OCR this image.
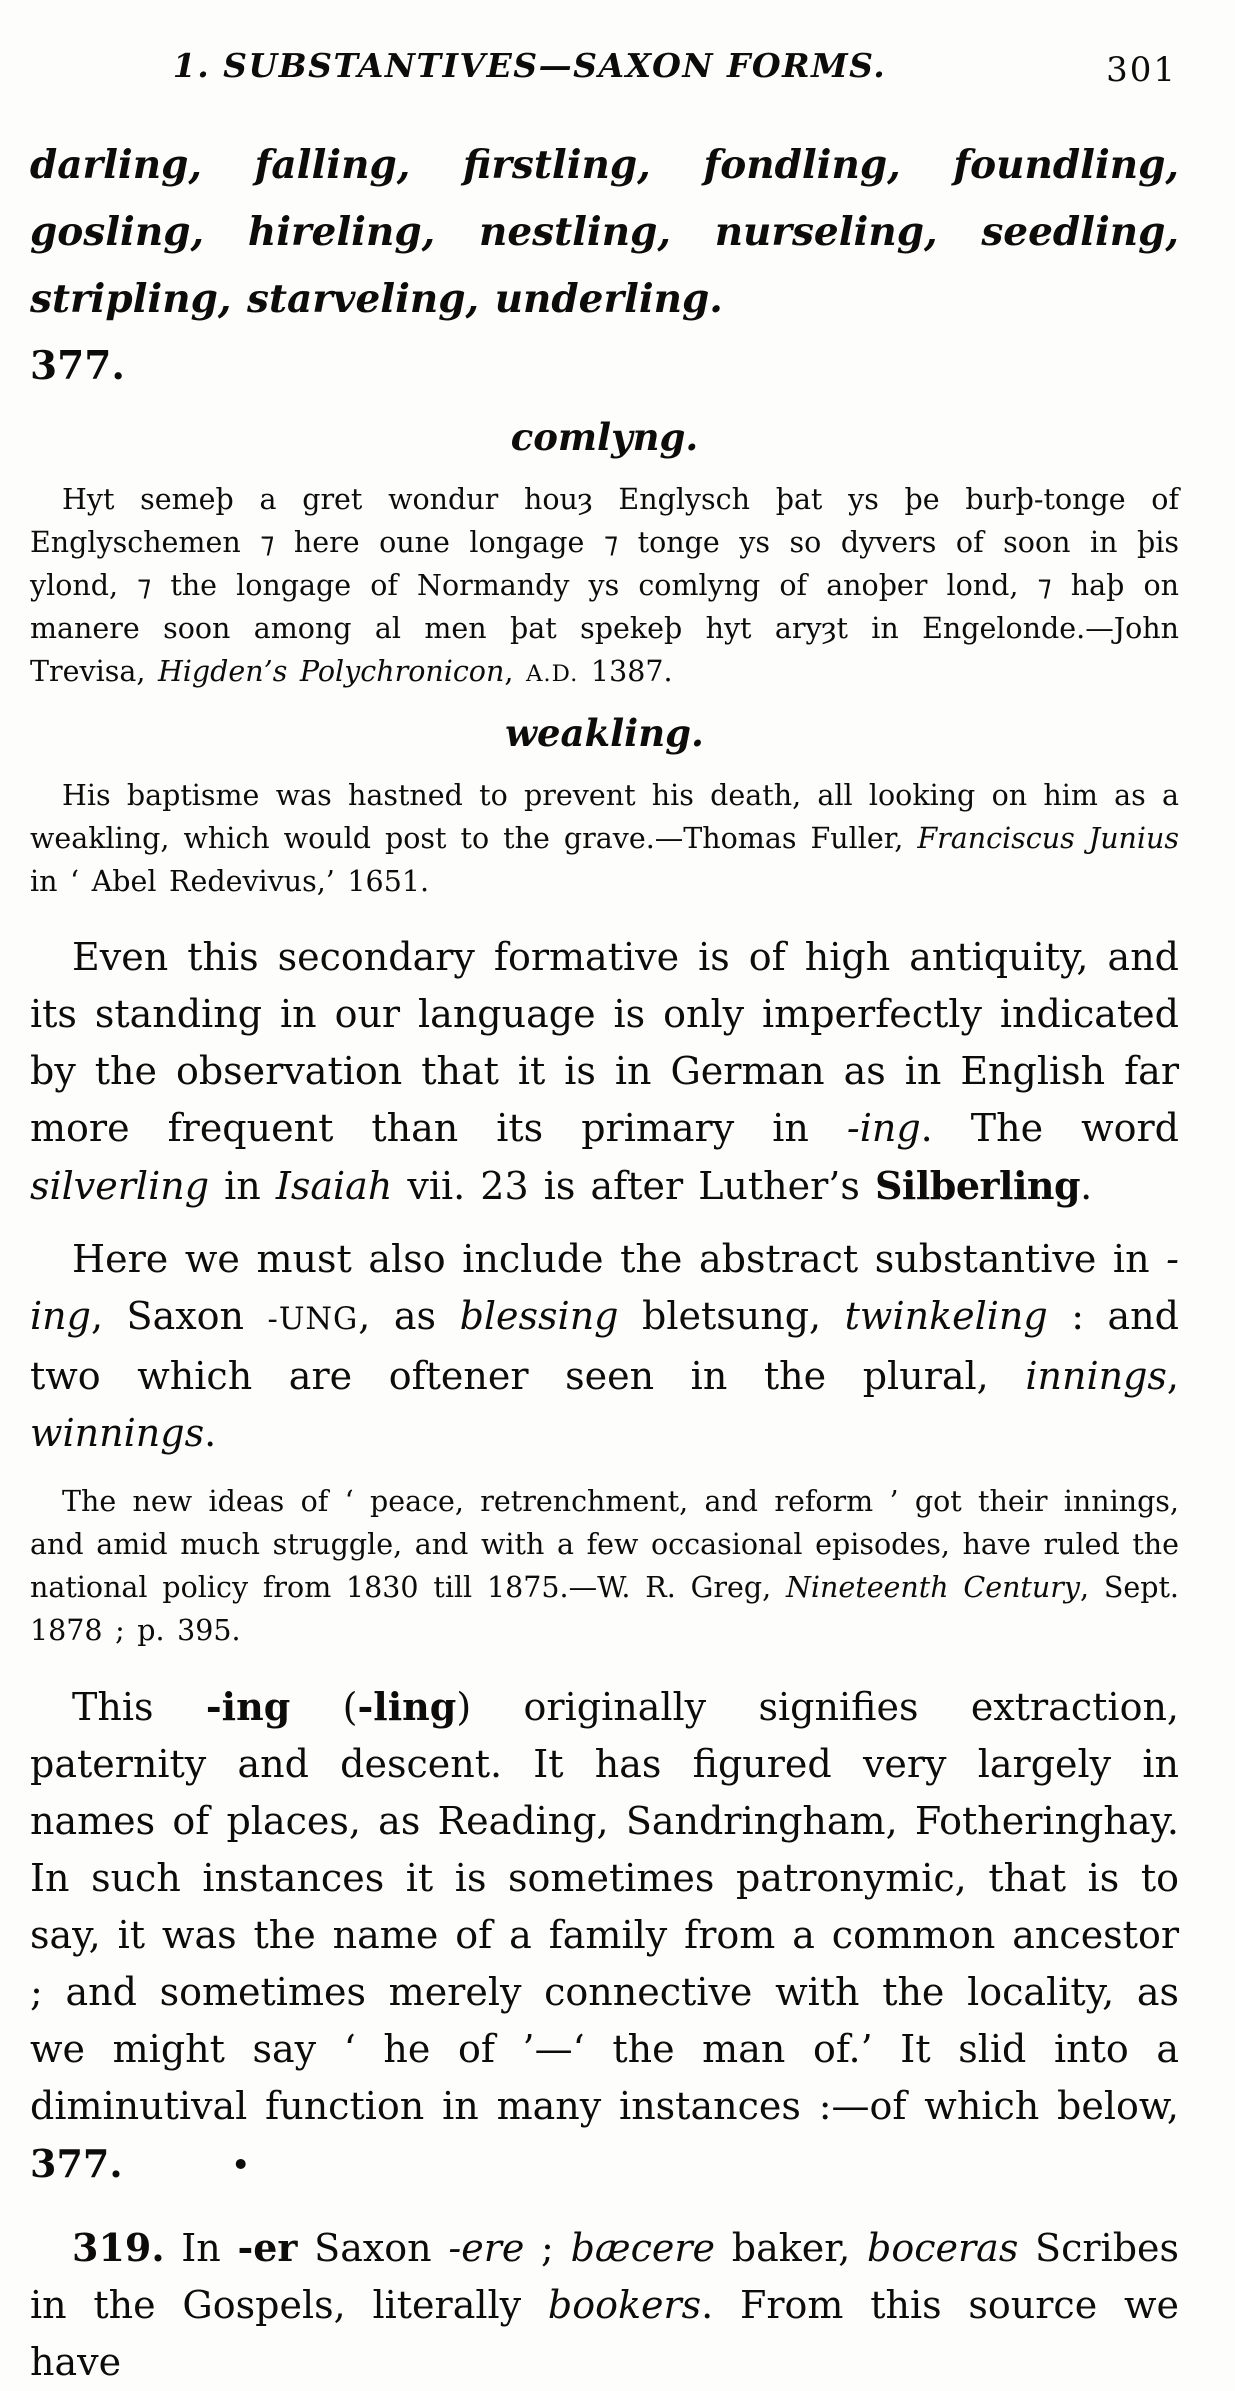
1. SUBSTANTIVES—SAXON FORMS.	301
darling, falling, firstling, fondling, foundling, gosling, hireling, nestling, nurseling, seedling, stripling, starveling, underling.
377.
comlyng.
Hyt semeþ a gret wondur houȝ Englysch þat ys þe burþ-tonge of Englyschemen ⁊ here oune longage ⁊ tonge ys so dyvers of soon in þis ylond, ⁊ the longage of Normandy ys comlyng of anoþer lond, ⁊ haþ on manere soon among al men þat spekeþ hyt aryȝt in Engelonde.—John Trevisa, Higden’s Polychronicon, A.D. 1387.
weakling.
His baptisme was hastned to prevent his death, all looking on him as a weakling, which would post to the grave.—Thomas Fuller, Franciscus Junius in ‘ Abel Redevivus,’ 1651.
Even this secondary formative is of high antiquity, and its standing in our language is only imperfectly indicated by the observation that it is in German as in English far more frequent than its primary in -ing. The word silverling in Isaiah vii. 23 is after Luther’s Silberling.
Here we must also include the abstract substantive in -ing, Saxon -UNG, as blessing bletsung, twinkeling : and two which are oftener seen in the plural, innings, winnings.
The new ideas of ‘ peace, retrenchment, and reform ’ got their innings, and amid much struggle, and with a few occasional episodes, have ruled the national policy from 1830 till 1875.—W. R. Greg, Nineteenth Century, Sept. 1878 ; p. 395.
This -ing (-ling) originally signifies extraction, paternity and descent. It has figured very largely in names of places, as Reading, Sandringham, Fotheringhay. In such instances it is sometimes patronymic, that is to say, it was the name of a family from a common ancestor ; and sometimes merely connective with the locality, as we might say ‘ he of ’—‘ the man of.’ It slid into a diminutival function in many instances :—of which below, 377.	•
319. In -er Saxon -ere ; bæcere baker, boceras Scribes in the Gospels, literally bookers. From this source we have
